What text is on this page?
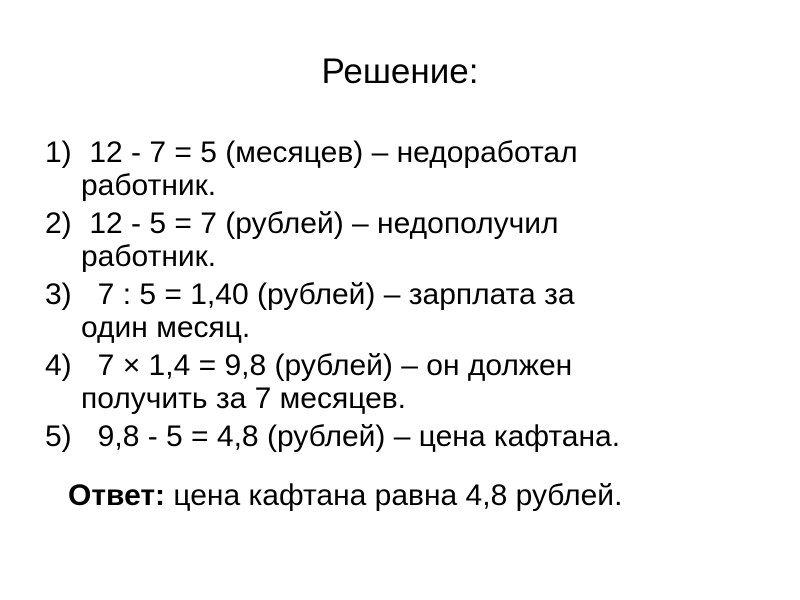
Решение:
1) 12 - 7 = 5 (месяцев) – недоработал
работник.
2) 12 - 5 = 7 (рублей) – недополучил
работник.
3) 7 : 5 = 1,40 (рублей) – зарплата за
один месяц.
4) 7 × 1,4 = 9,8 (рублей) – он должен
получить за 7 месяцев.
5) 9,8 - 5 = 4,8 (рублей) – цена кафтана.
Ответ: цена кафтана равна 4,8 рублей.
